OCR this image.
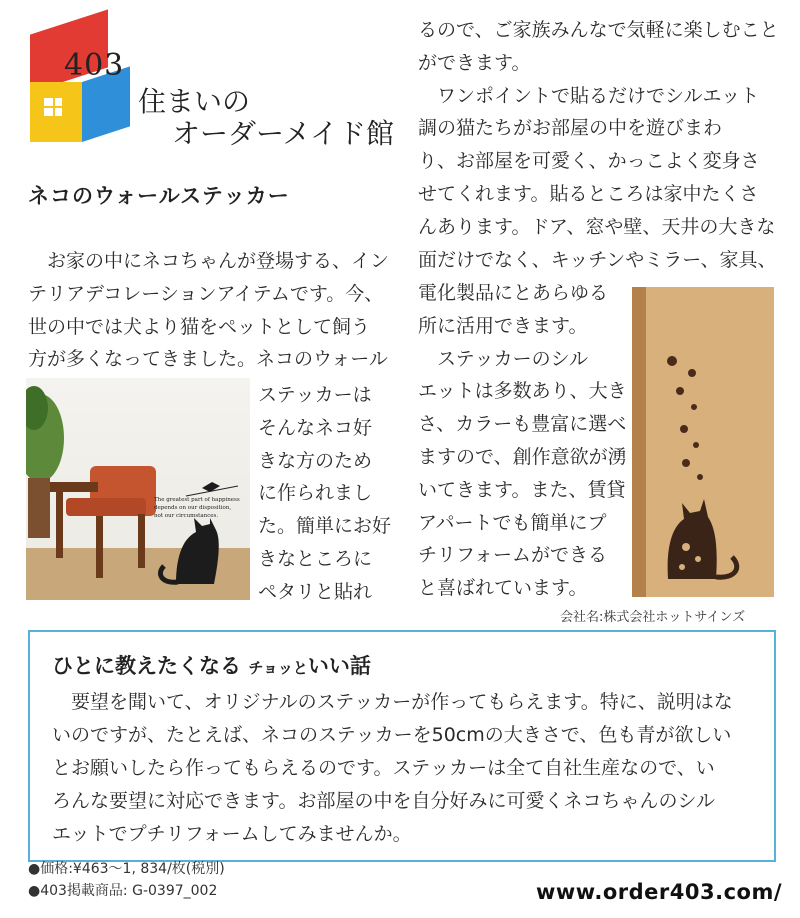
403
住まいの
オーダーメイド館
ネコのウォールステッカー
　お家の中にネコちゃんが登場する、イン
テリアデコレーションアイテムです。今、
世の中では犬より猫をペットとして飼う
方が多くなってきました。ネコのウォール
The greatest part of happiness
depends on our disposition,
not our circumstances.
ステッカーは
そんなネコ好
きな方のため
に作られまし
た。簡単にお好
きなところに
ペタリと貼れ
るので、ご家族みんなで気軽に楽しむこと
ができます。
　ワンポイントで貼るだけでシルエット
調の猫たちがお部屋の中を遊びまわ
り、お部屋を可愛く、かっこよく変身さ
せてくれます。貼るところは家中たくさ
んあります。ドア、窓や壁、天井の大きな
面だけでなく、キッチンやミラー、家具、
電化製品にとあらゆる
所に活用できます。
　ステッカーのシル
エットは多数あり、大き
さ、カラーも豊富に選べ
ますので、創作意欲が湧
いてきます。また、賃貸
アパートでも簡単にプ
チリフォームができる
と喜ばれています。
会社名:株式会社ホットサインズ
ひとに教えたくなる チョッといい話
　要望を聞いて、オリジナルのステッカーが作ってもらえます。特に、説明はな
いのですが、たとえば、ネコのステッカーを50cmの大きさで、色も青が欲しい
とお願いしたら作ってもらえるのです。ステッカーは全て自社生産なので、い
ろんな要望に対応できます。お部屋の中を自分好みに可愛くネコちゃんのシル
エットでプチリフォームしてみませんか。
●価格:¥463〜1, 834/枚(税別)
●403掲載商品: G-0397_002	www.order403.com/
